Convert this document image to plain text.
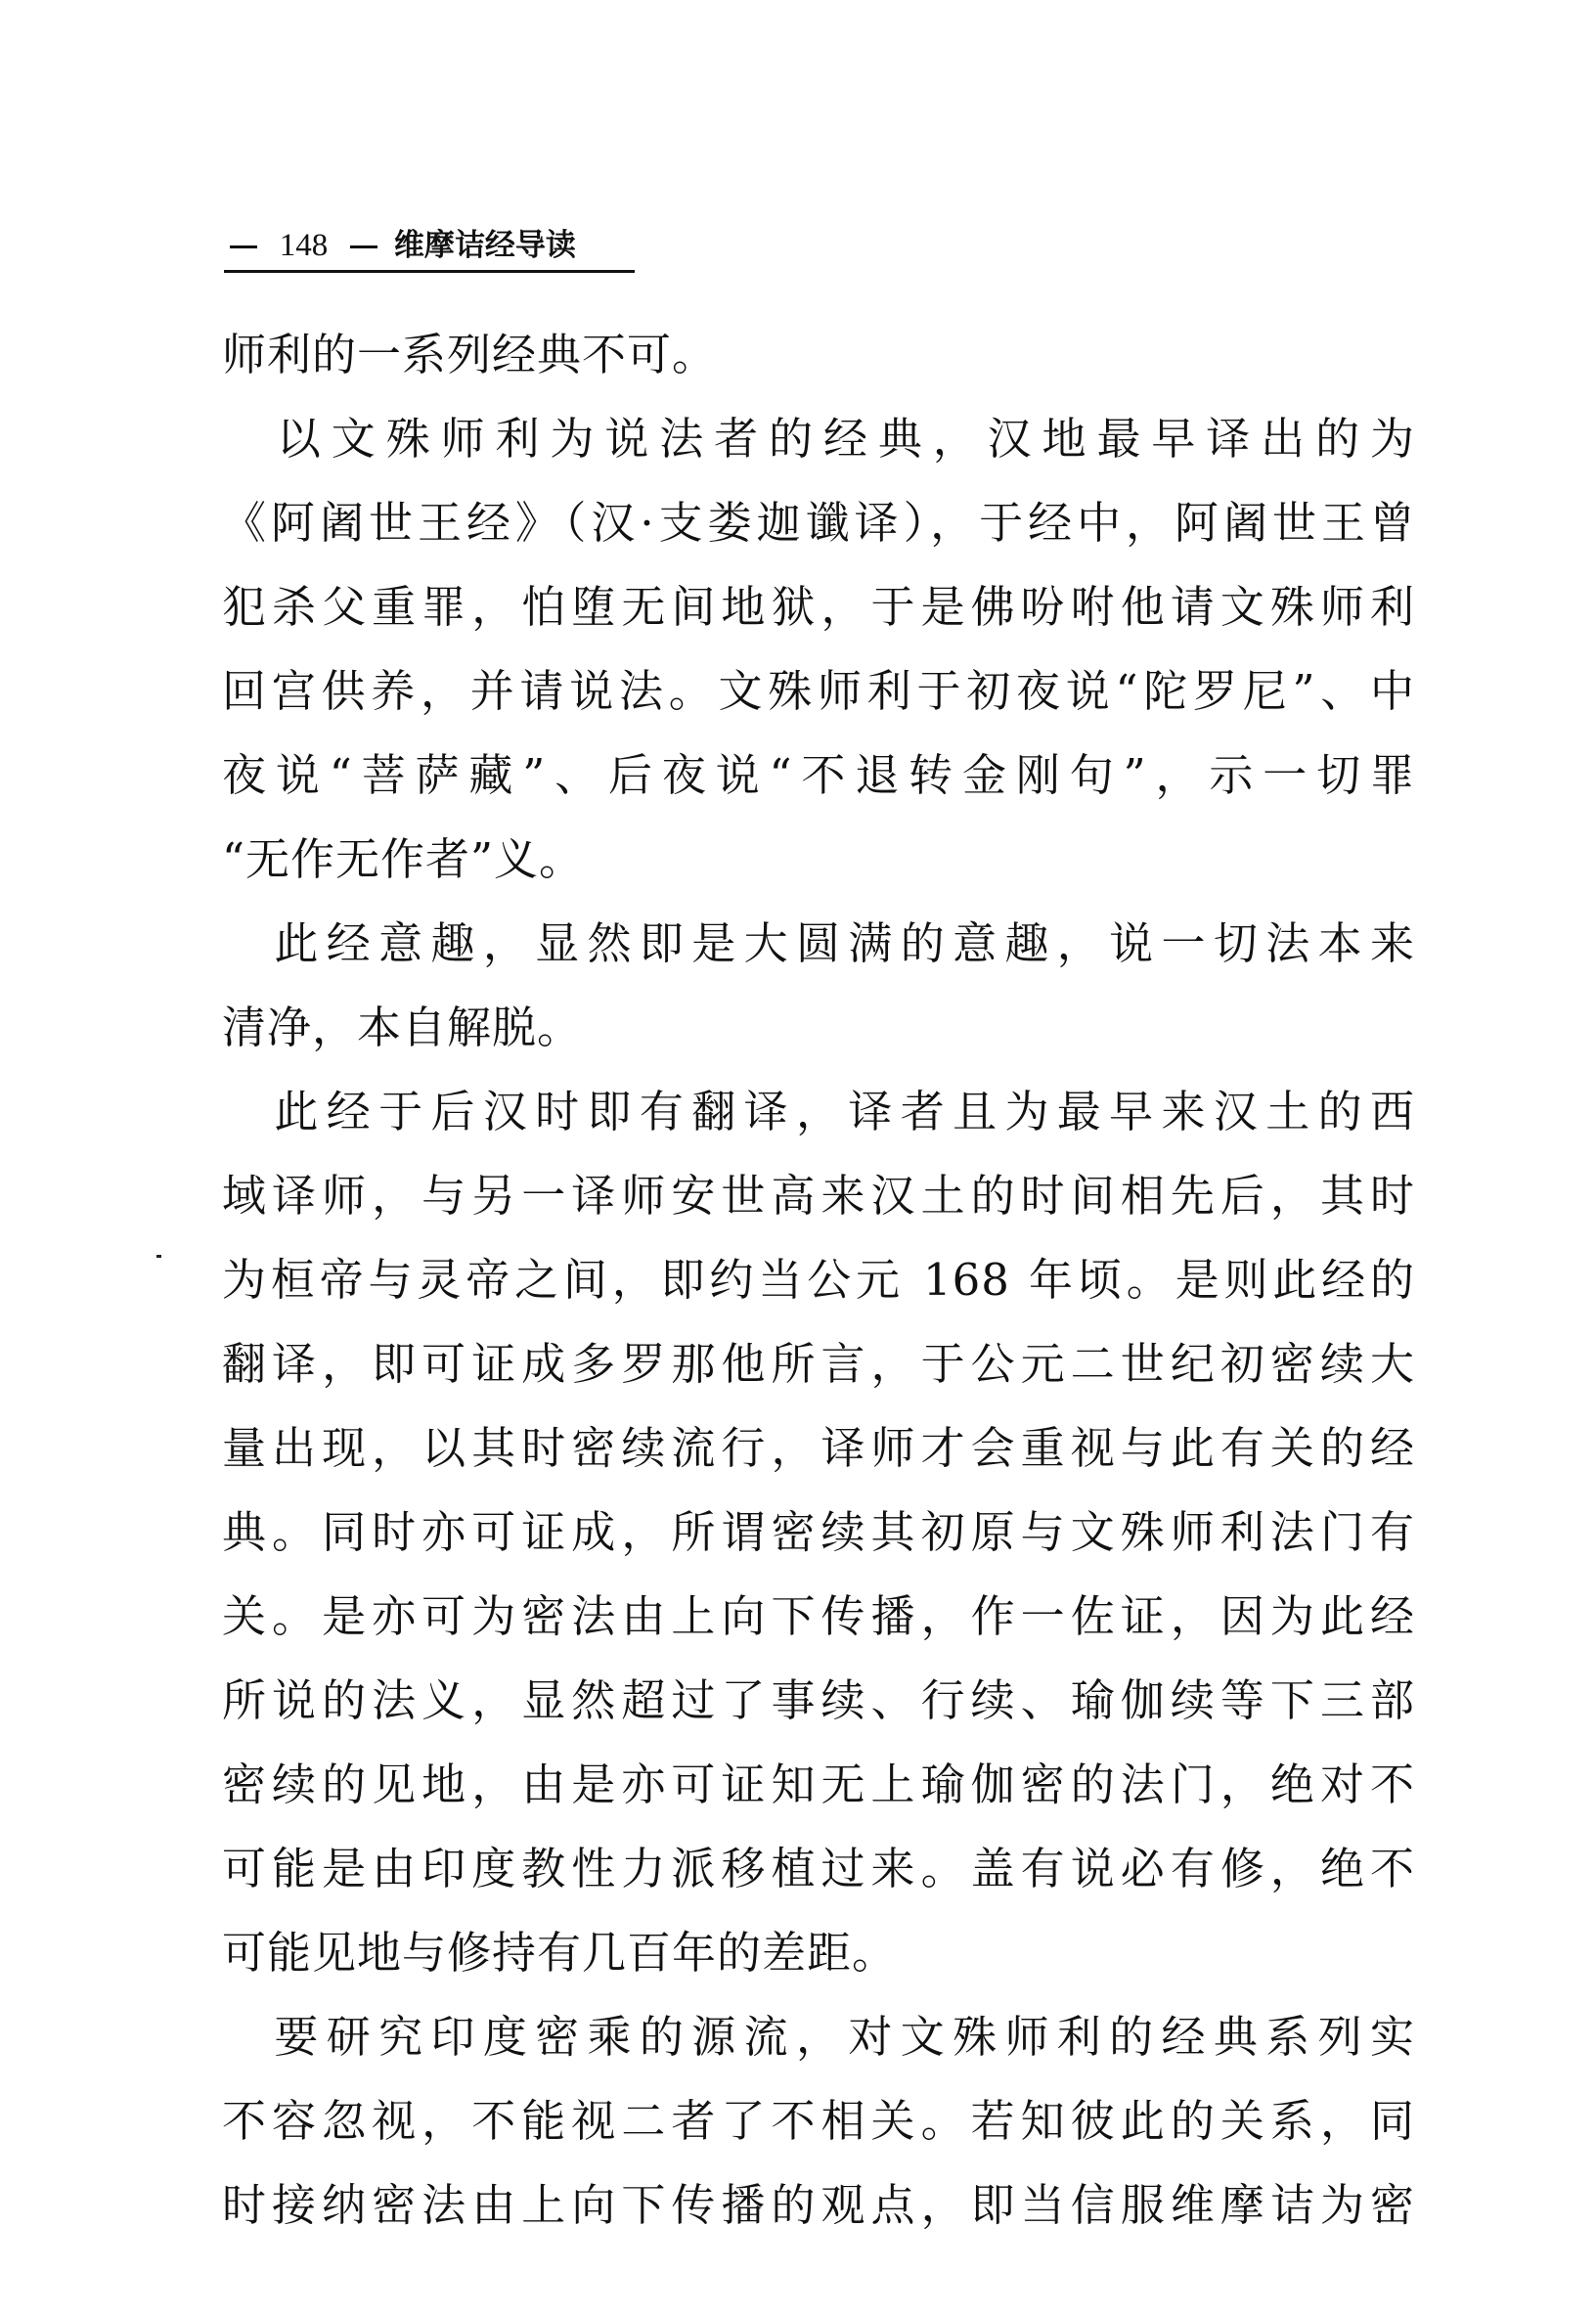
148 维摩诘经导读
师利的一系列经典不可。
　以文殊师利为说法者的经典，汉地最早译出的为
《阿阇世王经》（汉·支娄迦谶译），于经中，阿阇世王曾
犯杀父重罪，怕堕无间地狱，于是佛吩咐他请文殊师利
回宫供养，并请说法。文殊师利于初夜说“陀罗尼”、中
夜说“菩萨藏”、后夜说“不退转金刚句”，示一切罪
“无作无作者”义。
　此经意趣，显然即是大圆满的意趣，说一切法本来
清净，本自解脱。
　此经于后汉时即有翻译，译者且为最早来汉土的西
域译师，与另一译师安世高来汉土的时间相先后，其时
为桓帝与灵帝之间，即约当公元 168 年顷。是则此经的
翻译，即可证成多罗那他所言，于公元二世纪初密续大
量出现，以其时密续流行，译师才会重视与此有关的经
典。同时亦可证成，所谓密续其初原与文殊师利法门有
关。是亦可为密法由上向下传播，作一佐证，因为此经
所说的法义，显然超过了事续、行续、瑜伽续等下三部
密续的见地，由是亦可证知无上瑜伽密的法门，绝对不
可能是由印度教性力派移植过来。盖有说必有修，绝不
可能见地与修持有几百年的差距。
　要研究印度密乘的源流，对文殊师利的经典系列实
不容忽视，不能视二者了不相关。若知彼此的关系，同
时接纳密法由上向下传播的观点，即当信服维摩诘为密
